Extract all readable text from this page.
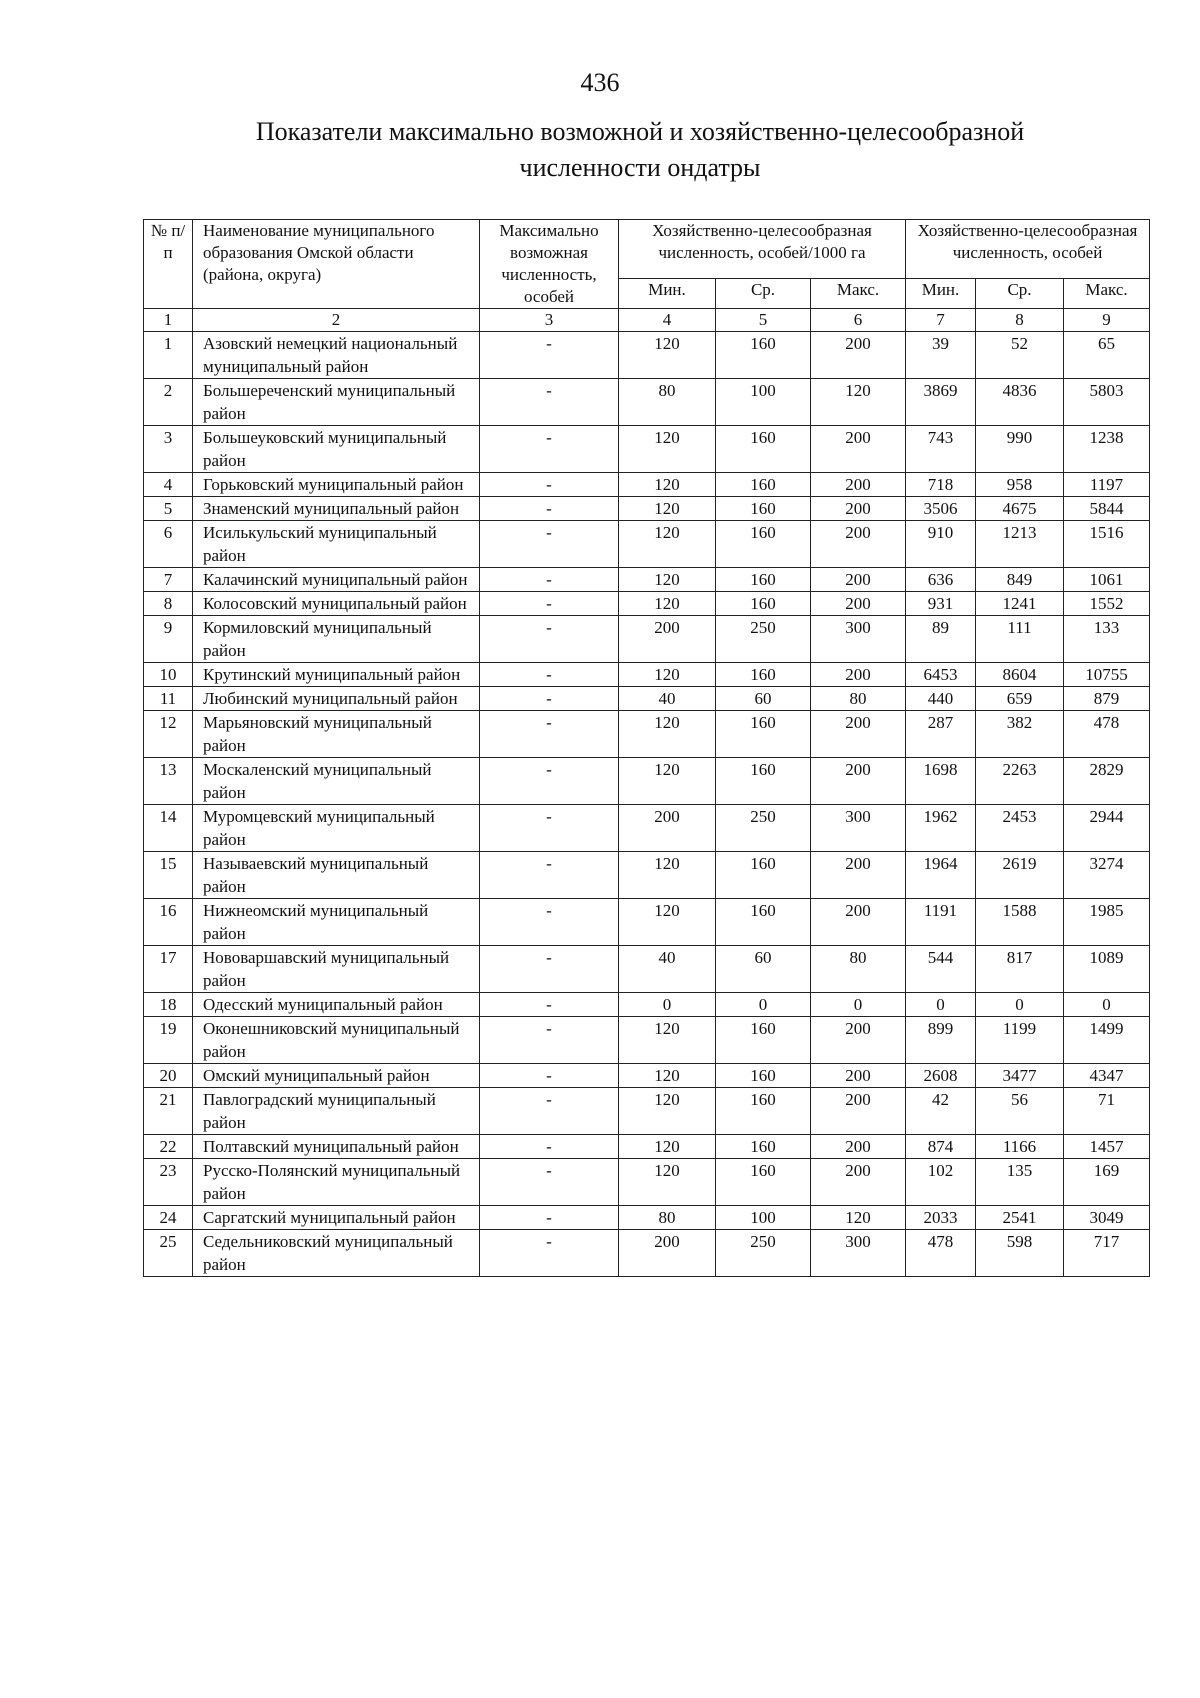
436
Показатели максимально возможной и хозяйственно-целесообразной
численности ондатры
№ п/п	Наименование муниципального образования Омской области (района, округа)	Максимально возможная численность, особей	Хозяйственно-целесообразная численность, особей/1000 га			Хозяйственно-целесообразная численность, особей		
			Мин.	Ср.	Макс.	Мин.	Ср.	Макс.
1	2	3	4	5	6	7	8	9
1	Азовский немецкий национальный муниципальный район	-	120	160	200	39	52	65
2	Большереченский муниципальный район	-	80	100	120	3869	4836	5803
3	Большеуковский муниципальный район	-	120	160	200	743	990	1238
4	Горьковский муниципальный район	-	120	160	200	718	958	1197
5	Знаменский муниципальный район	-	120	160	200	3506	4675	5844
6	Исилькульский муниципальный район	-	120	160	200	910	1213	1516
7	Калачинский муниципальный район	-	120	160	200	636	849	1061
8	Колосовский муниципальный район	-	120	160	200	931	1241	1552
9	Кормиловский муниципальный район	-	200	250	300	89	111	133
10	Крутинский муниципальный район	-	120	160	200	6453	8604	10755
11	Любинский муниципальный район	-	40	60	80	440	659	879
12	Марьяновский муниципальный район	-	120	160	200	287	382	478
13	Москаленский муниципальный район	-	120	160	200	1698	2263	2829
14	Муромцевский муниципальный район	-	200	250	300	1962	2453	2944
15	Называевский муниципальный район	-	120	160	200	1964	2619	3274
16	Нижнеомский муниципальный район	-	120	160	200	1191	1588	1985
17	Нововаршавский муниципальный район	-	40	60	80	544	817	1089
18	Одесский муниципальный район	-	0	0	0	0	0	0
19	Оконешниковский муниципальный район	-	120	160	200	899	1199	1499
20	Омский муниципальный район	-	120	160	200	2608	3477	4347
21	Павлоградский муниципальный район	-	120	160	200	42	56	71
22	Полтавский муниципальный район	-	120	160	200	874	1166	1457
23	Русско-Полянский муниципальный район	-	120	160	200	102	135	169
24	Саргатский муниципальный район	-	80	100	120	2033	2541	3049
25	Седельниковский муниципальный район	-	200	250	300	478	598	717
